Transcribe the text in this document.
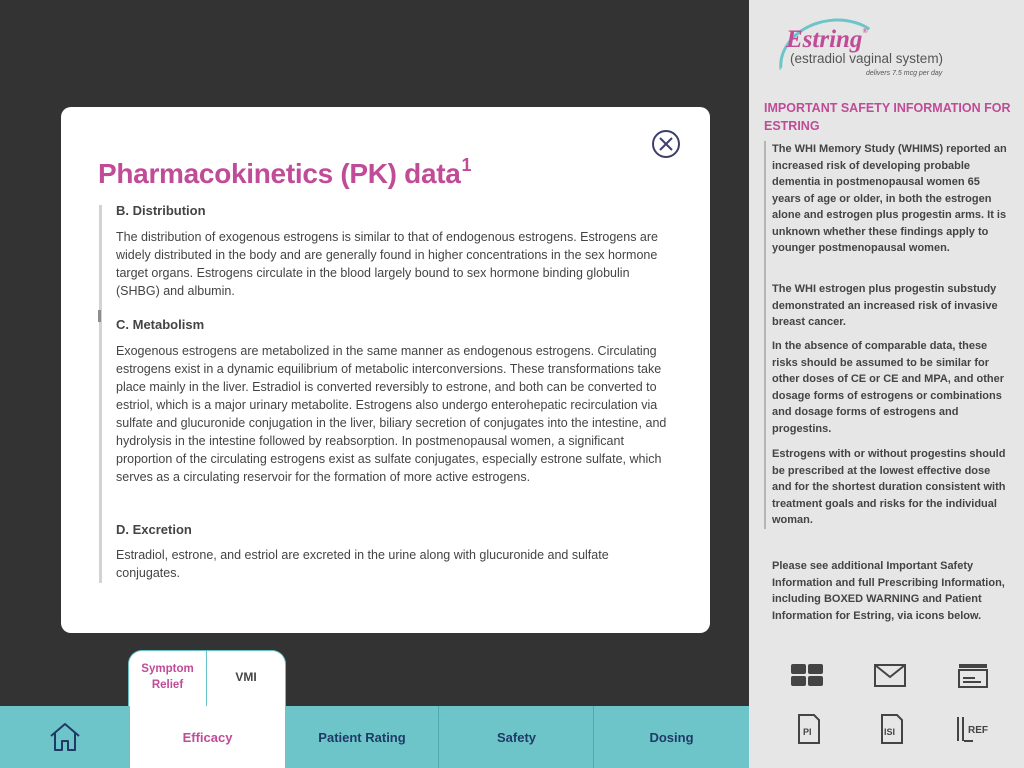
Pharmacokinetics (PK) data$^1$
B. Distribution
The distribution of exogenous estrogens is similar to that of endogenous estrogens. Estrogens are widely distributed in the body and are generally found in higher concentrations in the sex hormone target organs. Estrogens circulate in the blood largely bound to sex hormone binding globulin (SHBG) and albumin.
C. Metabolism
Exogenous estrogens are metabolized in the same manner as endogenous estrogens. Circulating estrogens exist in a dynamic equilibrium of metabolic interconversions. These transformations take place mainly in the liver. Estradiol is converted reversibly to estrone, and both can be converted to estriol, which is a major urinary metabolite. Estrogens also undergo enterohepatic recirculation via sulfate and glucuronide conjugation in the liver, biliary secretion of conjugates into the intestine, and hydrolysis in the intestine followed by reabsorption. In postmenopausal women, a significant proportion of the circulating estrogens exist as sulfate conjugates, especially estrone sulfate, which serves as a circulating reservoir for the formation of more active estrogens.
D. Excretion
Estradiol, estrone, and estriol are excreted in the urine along with glucuronide and sulfate conjugates.
Symptom Relief
VMI
Efficacy	Patient Rating	Safety	Dosing
Estring®
(estradiol vaginal system)
delivers 7.5 mcg per day
IMPORTANT SAFETY INFORMATION FOR ESTRING
The WHI Memory Study (WHIMS) reported an increased risk of developing probable dementia in postmenopausal women 65 years of age or older, in both the estrogen alone and estrogen plus progestin arms. It is unknown whether these findings apply to younger postmenopausal women.
The WHI estrogen plus progestin substudy demonstrated an increased risk of invasive breast cancer.
In the absence of comparable data, these risks should be assumed to be similar for other doses of CE or CE and MPA, and other dosage forms of estrogens or combinations and dosage forms of estrogens and progestins.
Estrogens with or without progestins should be prescribed at the lowest effective dose and for the shortest duration consistent with treatment goals and risks for the individual woman.
Please see additional Important Safety Information and full Prescribing Information, including BOXED WARNING and Patient Information for Estring, via icons below.
PI	ISI	REF
